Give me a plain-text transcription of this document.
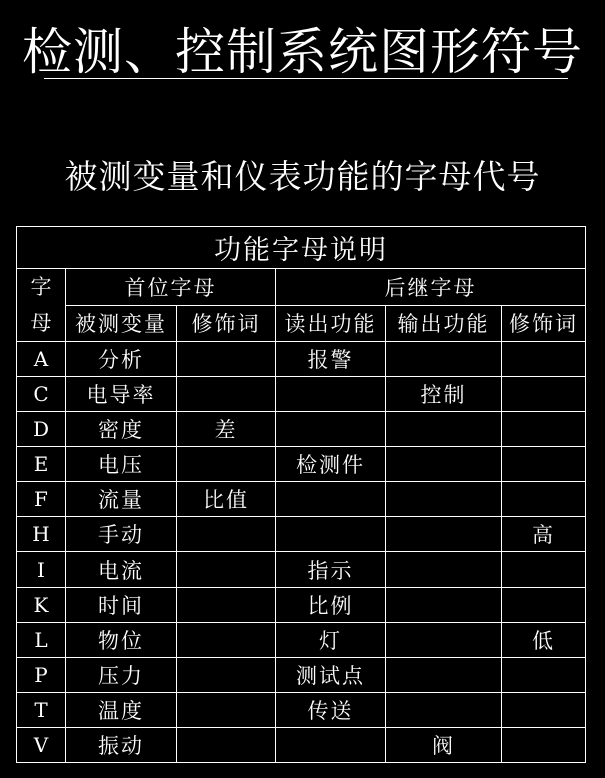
检测、控制系统图形符号
被测变量和仪表功能的字母代号
功能字母说明					

字
母	首位字母		后继字母		
	被测变量	修饰词	读出功能	输出功能	修饰词
A	分析		报警		
C	电导率			控制	
D	密度	差			
E	电压		检测件		
F	流量	比值			
H	手动				高
I	电流		指示		
K	时间		比例		
L	物位		灯		低
P	压力		测试点		
T	温度		传送		
V	振动			阀	
